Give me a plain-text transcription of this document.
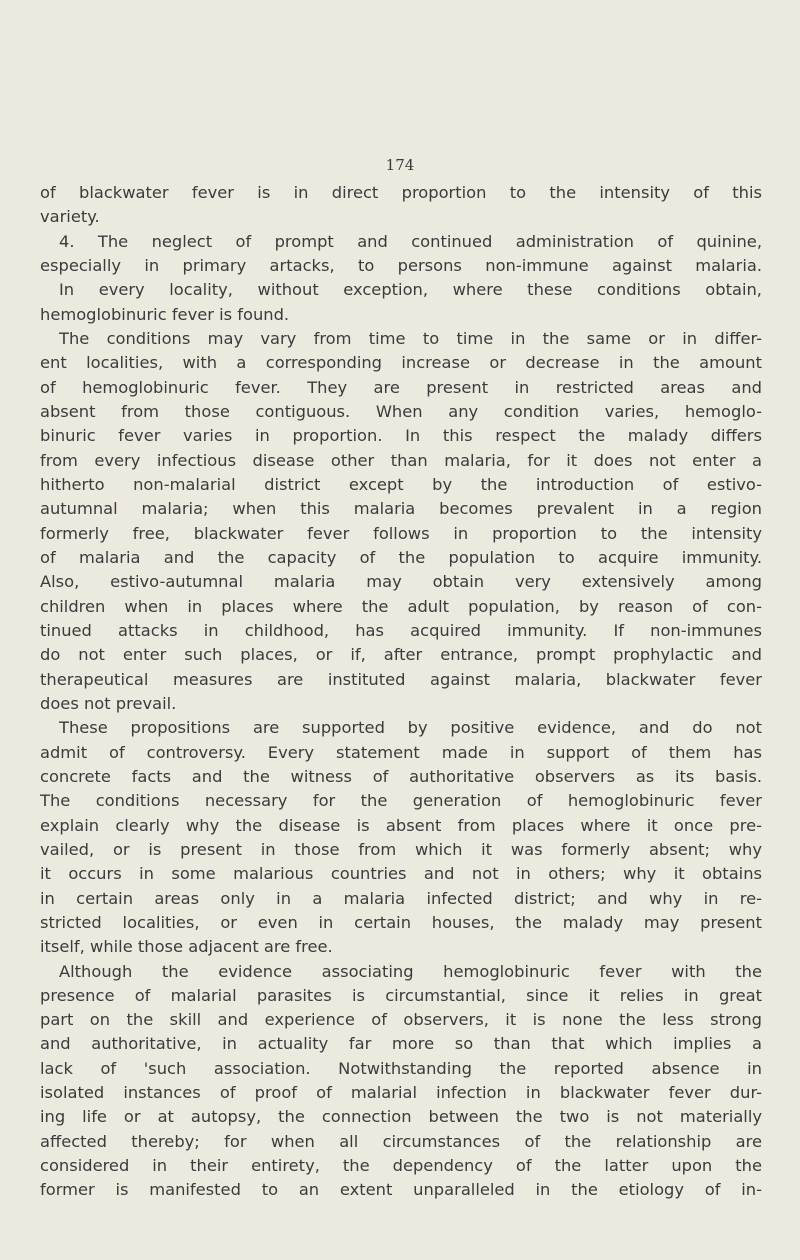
174
of blackwater fever is in direct proportion to the intensity of this
variety.
4. The neglect of prompt and continued administration of quinine,
especially in primary artacks, to persons non-immune against malaria.
In every locality, without exception, where these conditions obtain,
hemoglobinuric fever is found.
The conditions may vary from time to time in the same or in differ-
ent localities, with a corresponding increase or decrease in the amount
of hemoglobinuric fever. They are present in restricted areas and
absent from those contiguous. When any condition varies, hemoglo-
binuric fever varies in proportion. In this respect the malady differs
from every infectious disease other than malaria, for it does not enter a
hitherto non-malarial district except by the introduction of estivo-
autumnal malaria; when this malaria becomes prevalent in a region
formerly free, blackwater fever follows in proportion to the intensity
of malaria and the capacity of the population to acquire immunity.
Also, estivo-autumnal malaria may obtain very extensively among
children when in places where the adult population, by reason of con-
tinued attacks in childhood, has acquired immunity. If non-immunes
do not enter such places, or if, after entrance, prompt prophylactic and
therapeutical measures are instituted against malaria, blackwater fever
does not prevail.
These propositions are supported by positive evidence, and do not
admit of controversy. Every statement made in support of them has
concrete facts and the witness of authoritative observers as its basis.
The conditions necessary for the generation of hemoglobinuric fever
explain clearly why the disease is absent from places where it once pre-
vailed, or is present in those from which it was formerly absent; why
it occurs in some malarious countries and not in others; why it obtains
in certain areas only in a malaria infected district; and why in re-
stricted localities, or even in certain houses, the malady may present
itself, while those adjacent are free.
Although the evidence associating hemoglobinuric fever with the
presence of malarial parasites is circumstantial, since it relies in great
part on the skill and experience of observers, it is none the less strong
and authoritative, in actuality far more so than that which implies a
lack of 'such association. Notwithstanding the reported absence in
isolated instances of proof of malarial infection in blackwater fever dur-
ing life or at autopsy, the connection between the two is not materially
affected thereby; for when all circumstances of the relationship are
considered in their entirety, the dependency of the latter upon the
former is manifested to an extent unparalleled in the etiology of in-
